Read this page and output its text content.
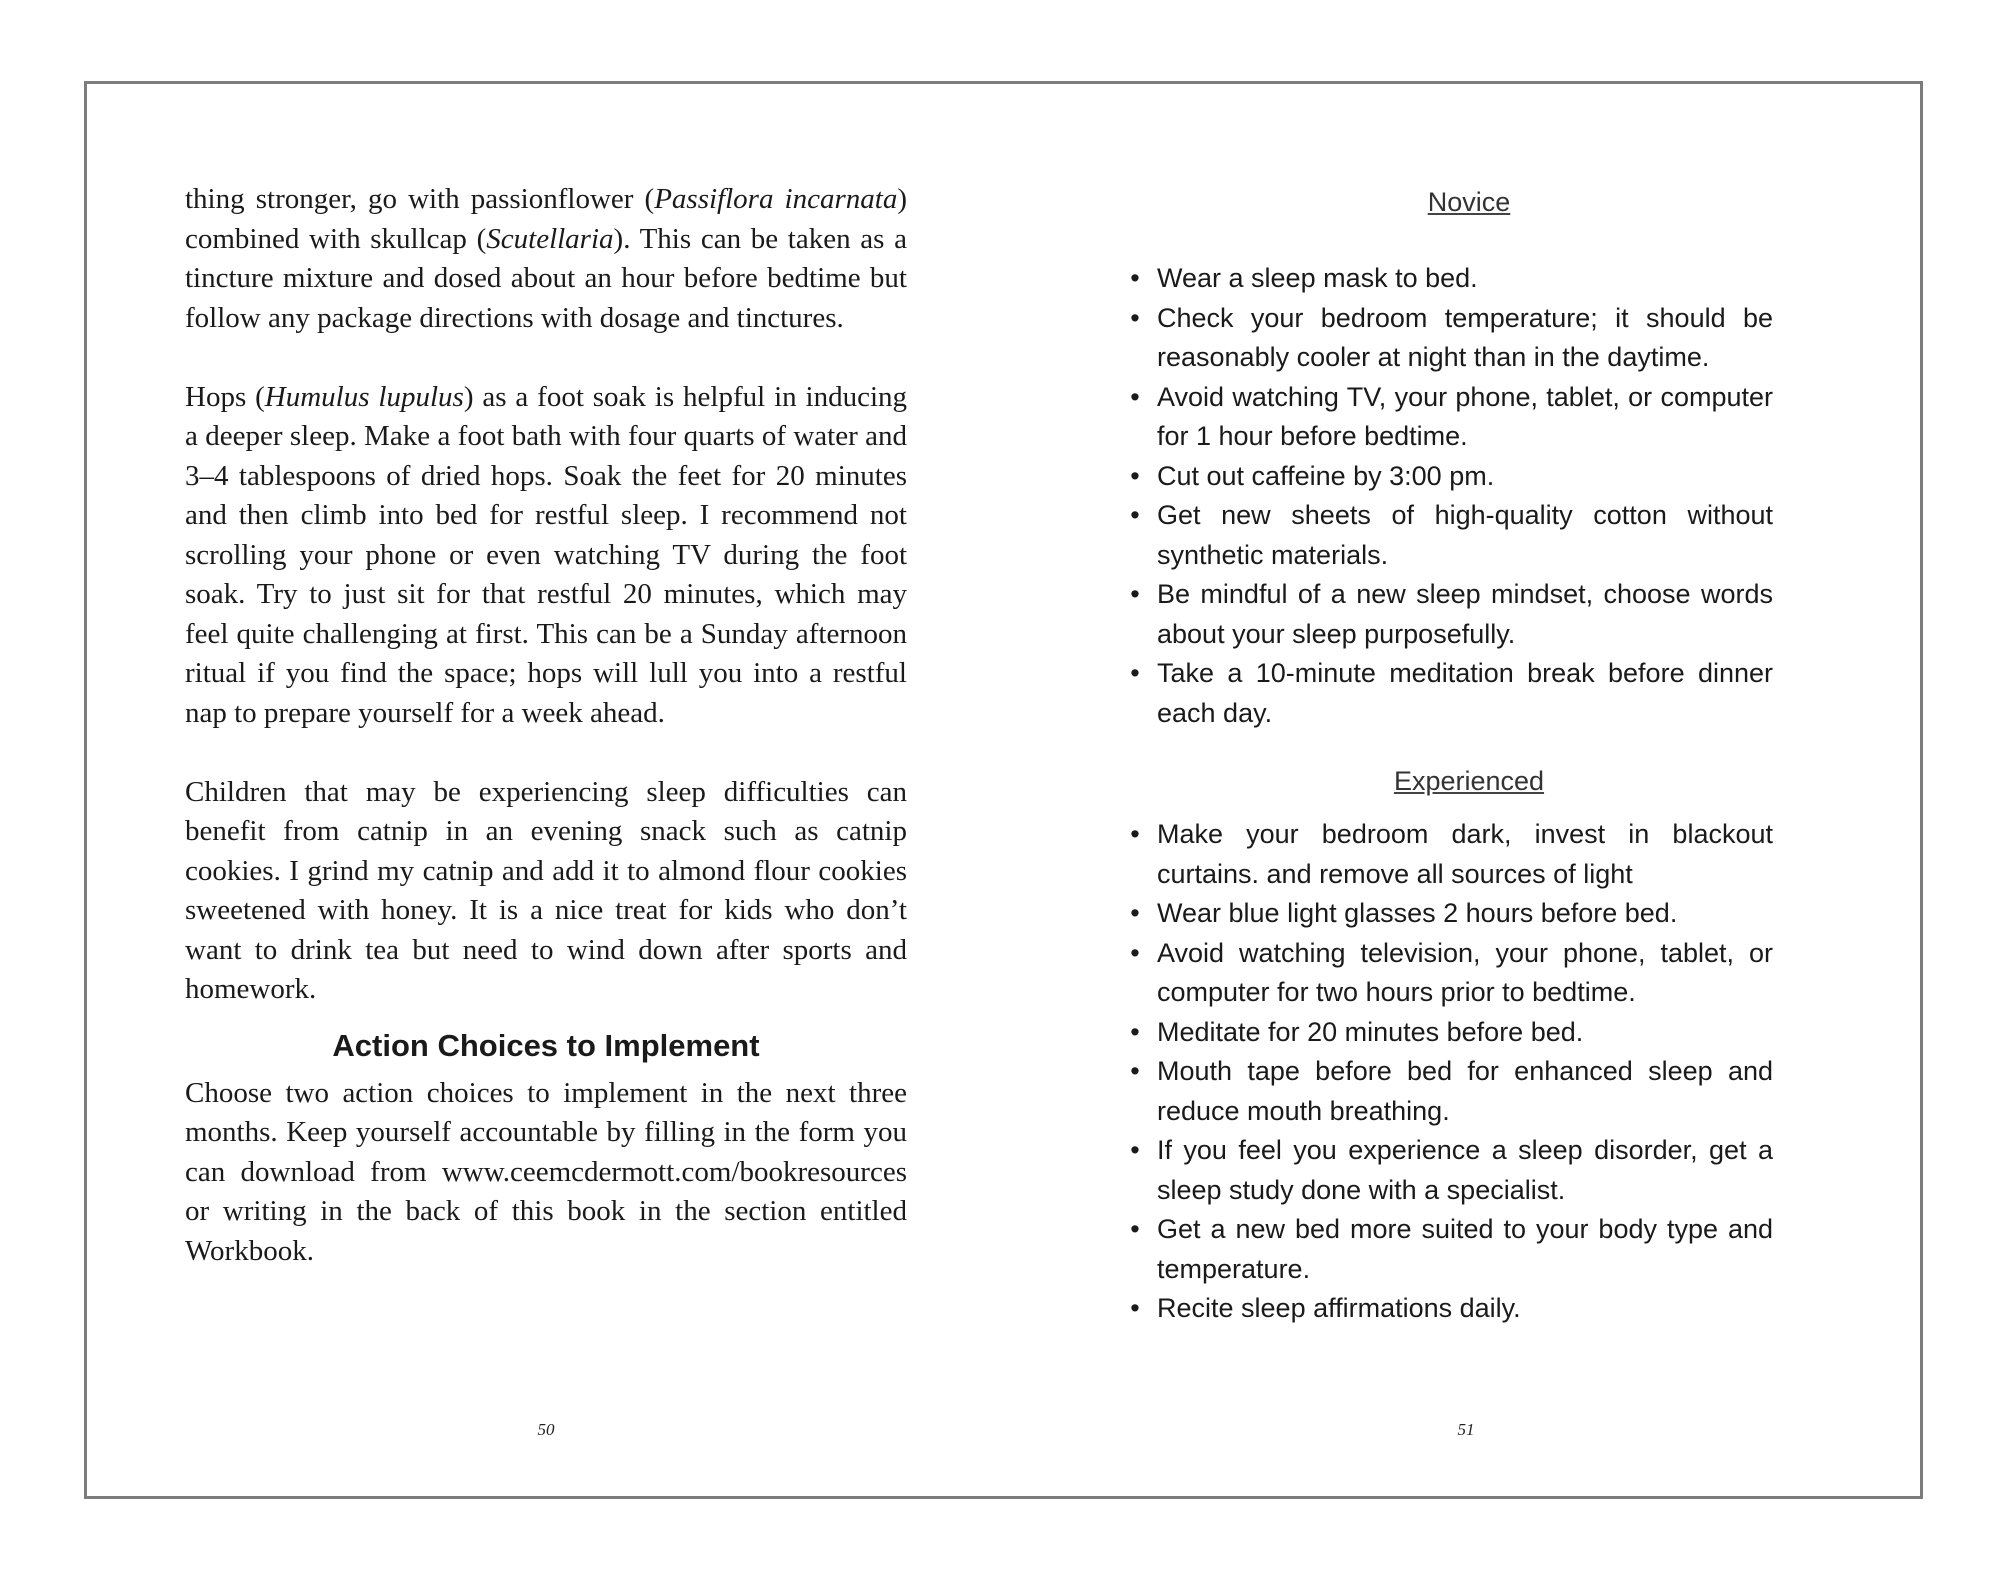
thing stronger, go with passionflower (Passiflora incarnata) combined with skullcap (Scutellaria). This can be taken as a tincture mixture and dosed about an hour before bedtime but follow any package directions with dosage and tinctures.

Hops (Humulus lupulus) as a foot soak is helpful in inducing a deeper sleep. Make a foot bath with four quarts of water and 3–4 tablespoons of dried hops. Soak the feet for 20 minutes and then climb into bed for restful sleep. I recommend not scrolling your phone or even watching TV during the foot soak. Try to just sit for that restful 20 minutes, which may feel quite challenging at first. This can be a Sunday afternoon ritual if you find the space; hops will lull you into a restful nap to prepare yourself for a week ahead.

Children that may be experiencing sleep difficulties can benefit from catnip in an evening snack such as catnip cookies. I grind my catnip and add it to almond flour cookies sweetened with honey. It is a nice treat for kids who don’t want to drink tea but need to wind down after sports and homework.

Action Choices to Implement

Choose two action choices to implement in the next three months. Keep yourself accountable by filling in the form you can download from www.ceemcdermott.com/bookresources or writing in the back of this book in the section entitled Workbook.

Novice
• Wear a sleep mask to bed.
• Check your bedroom temperature; it should be reasonably cooler at night than in the daytime.
• Avoid watching TV, your phone, tablet, or computer for 1 hour before bedtime.
• Cut out caffeine by 3:00 pm.
• Get new sheets of high-quality cotton without synthetic materials.
• Be mindful of a new sleep mindset, choose words about your sleep purposefully.
• Take a 10-minute meditation break before dinner each day.
Experienced
• Make your bedroom dark, invest in blackout curtains. and remove all sources of light
• Wear blue light glasses 2 hours before bed.
• Avoid watching television, your phone, tablet, or computer for two hours prior to bedtime.
• Meditate for 20 minutes before bed.
• Mouth tape before bed for enhanced sleep and reduce mouth breathing.
• If you feel you experience a sleep disorder, get a sleep study done with a specialist.
• Get a new bed more suited to your body type and temperature.
• Recite sleep affirmations daily.
50	51
